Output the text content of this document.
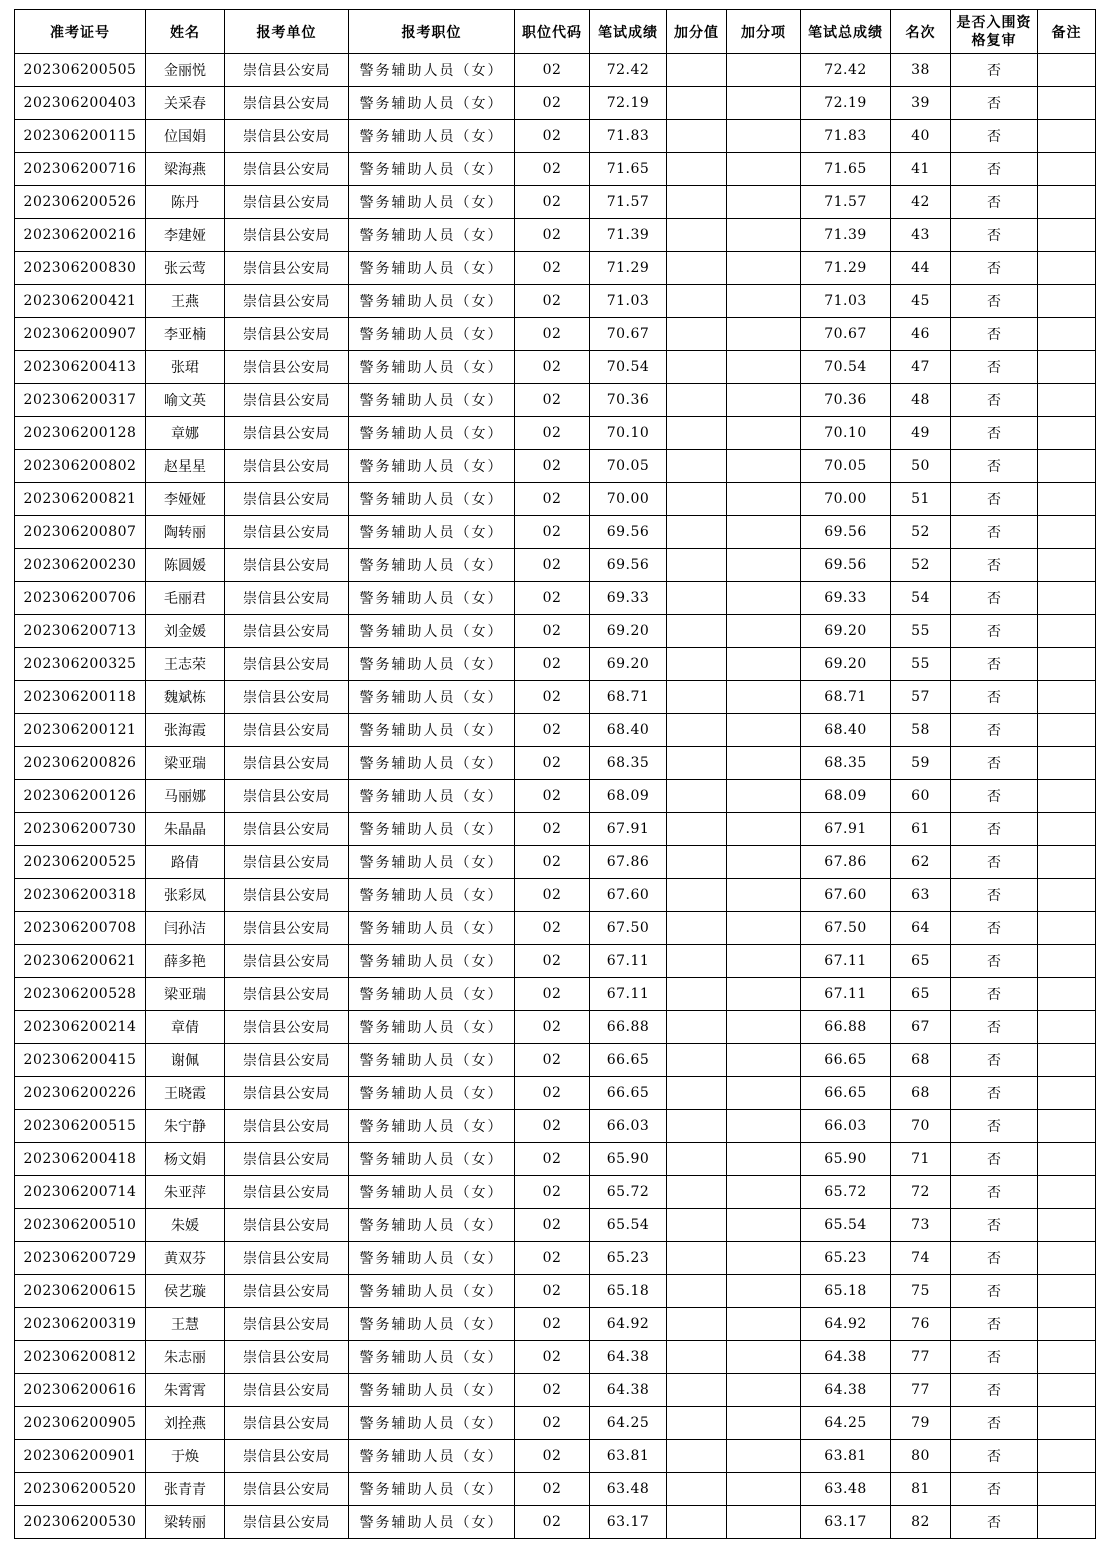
准考证号	姓名	报考单位	报考职位	职位代码	笔试成绩	加分值	加分项	笔试总成绩	名次	是否入围资格复审	备注
202306200505	金丽悦	崇信县公安局	警务辅助人员（女）	02	72.42			72.42	38	否	
202306200403	关采春	崇信县公安局	警务辅助人员（女）	02	72.19			72.19	39	否	
202306200115	位国娟	崇信县公安局	警务辅助人员（女）	02	71.83			71.83	40	否	
202306200716	梁海燕	崇信县公安局	警务辅助人员（女）	02	71.65			71.65	41	否	
202306200526	陈丹	崇信县公安局	警务辅助人员（女）	02	71.57			71.57	42	否	
202306200216	李建娅	崇信县公安局	警务辅助人员（女）	02	71.39			71.39	43	否	
202306200830	张云莺	崇信县公安局	警务辅助人员（女）	02	71.29			71.29	44	否	
202306200421	王燕	崇信县公安局	警务辅助人员（女）	02	71.03			71.03	45	否	
202306200907	李亚楠	崇信县公安局	警务辅助人员（女）	02	70.67			70.67	46	否	
202306200413	张珺	崇信县公安局	警务辅助人员（女）	02	70.54			70.54	47	否	
202306200317	喻文英	崇信县公安局	警务辅助人员（女）	02	70.36			70.36	48	否	
202306200128	章娜	崇信县公安局	警务辅助人员（女）	02	70.10			70.10	49	否	
202306200802	赵星星	崇信县公安局	警务辅助人员（女）	02	70.05			70.05	50	否	
202306200821	李娅娅	崇信县公安局	警务辅助人员（女）	02	70.00			70.00	51	否	
202306200807	陶转丽	崇信县公安局	警务辅助人员（女）	02	69.56			69.56	52	否	
202306200230	陈圆媛	崇信县公安局	警务辅助人员（女）	02	69.56			69.56	52	否	
202306200706	毛丽君	崇信县公安局	警务辅助人员（女）	02	69.33			69.33	54	否	
202306200713	刘金媛	崇信县公安局	警务辅助人员（女）	02	69.20			69.20	55	否	
202306200325	王志荣	崇信县公安局	警务辅助人员（女）	02	69.20			69.20	55	否	
202306200118	魏斌栋	崇信县公安局	警务辅助人员（女）	02	68.71			68.71	57	否	
202306200121	张海霞	崇信县公安局	警务辅助人员（女）	02	68.40			68.40	58	否	
202306200826	梁亚瑞	崇信县公安局	警务辅助人员（女）	02	68.35			68.35	59	否	
202306200126	马丽娜	崇信县公安局	警务辅助人员（女）	02	68.09			68.09	60	否	
202306200730	朱晶晶	崇信县公安局	警务辅助人员（女）	02	67.91			67.91	61	否	
202306200525	路倩	崇信县公安局	警务辅助人员（女）	02	67.86			67.86	62	否	
202306200318	张彩凤	崇信县公安局	警务辅助人员（女）	02	67.60			67.60	63	否	
202306200708	闫孙洁	崇信县公安局	警务辅助人员（女）	02	67.50			67.50	64	否	
202306200621	薛多艳	崇信县公安局	警务辅助人员（女）	02	67.11			67.11	65	否	
202306200528	梁亚瑞	崇信县公安局	警务辅助人员（女）	02	67.11			67.11	65	否	
202306200214	章倩	崇信县公安局	警务辅助人员（女）	02	66.88			66.88	67	否	
202306200415	谢佩	崇信县公安局	警务辅助人员（女）	02	66.65			66.65	68	否	
202306200226	王晓霞	崇信县公安局	警务辅助人员（女）	02	66.65			66.65	68	否	
202306200515	朱宁静	崇信县公安局	警务辅助人员（女）	02	66.03			66.03	70	否	
202306200418	杨文娟	崇信县公安局	警务辅助人员（女）	02	65.90			65.90	71	否	
202306200714	朱亚萍	崇信县公安局	警务辅助人员（女）	02	65.72			65.72	72	否	
202306200510	朱媛	崇信县公安局	警务辅助人员（女）	02	65.54			65.54	73	否	
202306200729	黄双芬	崇信县公安局	警务辅助人员（女）	02	65.23			65.23	74	否	
202306200615	侯艺璇	崇信县公安局	警务辅助人员（女）	02	65.18			65.18	75	否	
202306200319	王慧	崇信县公安局	警务辅助人员（女）	02	64.92			64.92	76	否	
202306200812	朱志丽	崇信县公安局	警务辅助人员（女）	02	64.38			64.38	77	否	
202306200616	朱霄霄	崇信县公安局	警务辅助人员（女）	02	64.38			64.38	77	否	
202306200905	刘拴燕	崇信县公安局	警务辅助人员（女）	02	64.25			64.25	79	否	
202306200901	于焕	崇信县公安局	警务辅助人员（女）	02	63.81			63.81	80	否	
202306200520	张青青	崇信县公安局	警务辅助人员（女）	02	63.48			63.48	81	否	
202306200530	梁转丽	崇信县公安局	警务辅助人员（女）	02	63.17			63.17	82	否	
